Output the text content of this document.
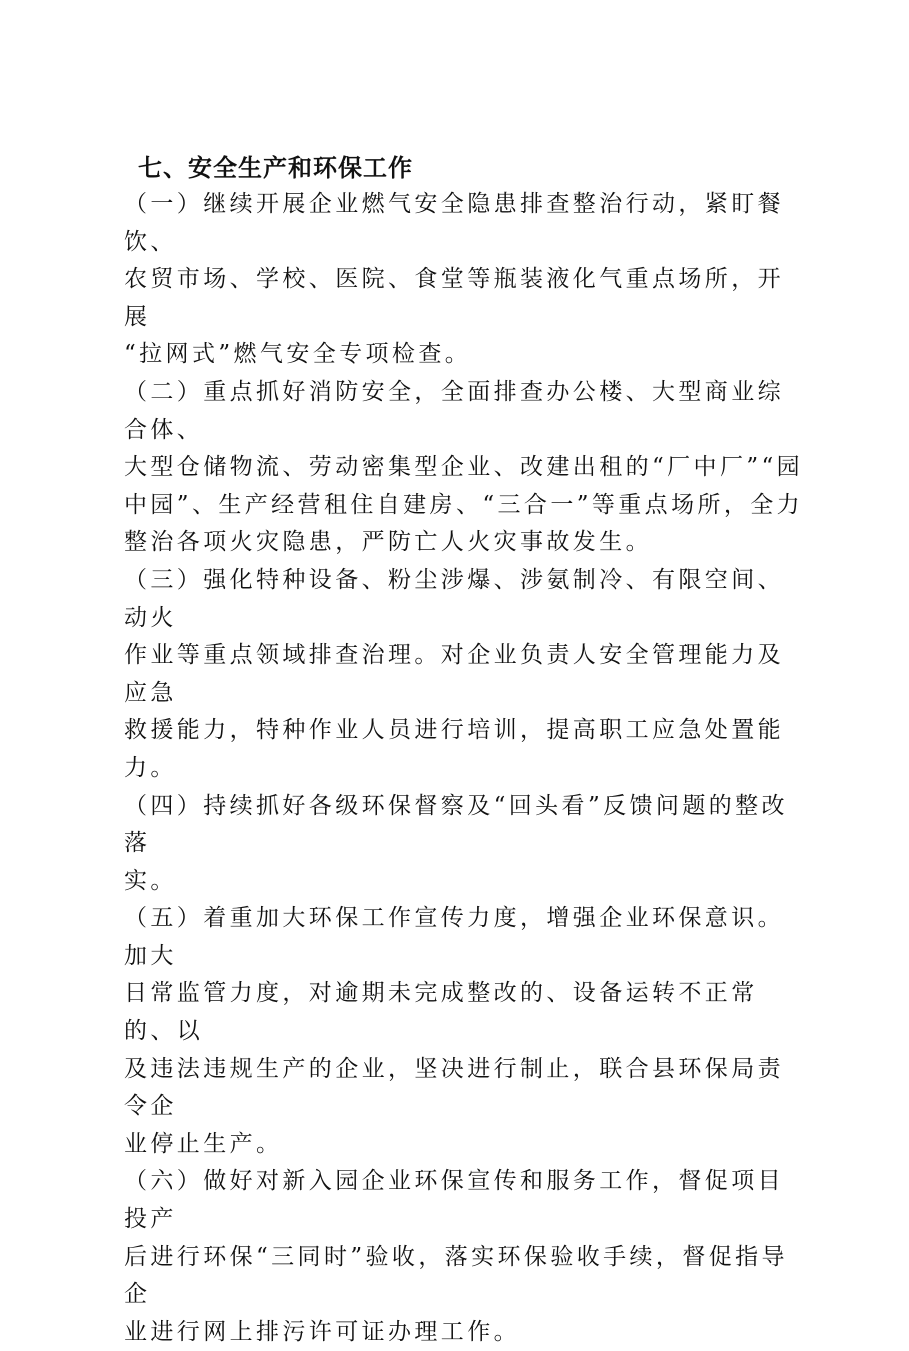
七、安全生产和环保工作

（一）继续开展企业燃气安全隐患排查整治行动，紧盯餐饮、

农贸市场、学校、医院、食堂等瓶装液化气重点场所，开展

“拉网式”燃气安全专项检查。

（二）重点抓好消防安全，全面排查办公楼、大型商业综合体、

大型仓储物流、劳动密集型企业、改建出租的“厂中厂”“园

中园”、生产经营租住自建房、“三合一”等重点场所，全力

整治各项火灾隐患，严防亡人火灾事故发生。

（三）强化特种设备、粉尘涉爆、涉氨制冷、有限空间、动火

作业等重点领域排查治理。对企业负责人安全管理能力及应急

救援能力，特种作业人员进行培训，提高职工应急处置能力。

（四）持续抓好各级环保督察及“回头看”反馈问题的整改落

实。

（五）着重加大环保工作宣传力度，增强企业环保意识。加大

日常监管力度，对逾期未完成整改的、设备运转不正常的、以

及违法违规生产的企业，坚决进行制止，联合县环保局责令企

业停止生产。

（六）做好对新入园企业环保宣传和服务工作，督促项目投产

后进行环保“三同时”验收，落实环保验收手续，督促指导企

业进行网上排污许可证办理工作。
